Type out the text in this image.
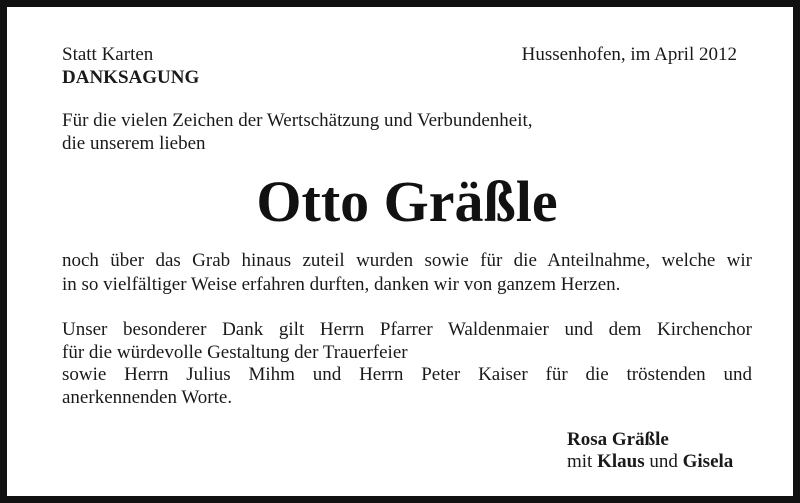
Statt Karten
DANKSAGUNG
Hussenhofen, im April 2012
Für die vielen Zeichen der Wertschätzung und Verbundenheit,
die unserem lieben
Otto Gräßle
noch über das Grab hinaus zuteil wurden sowie für die Anteilnahme, welche wir
in so vielfältiger Weise erfahren durften, danken wir von ganzem Herzen.
Unser besonderer Dank gilt Herrn Pfarrer Waldenmaier und dem Kirchenchor
für die würdevolle Gestaltung der Trauerfeier
sowie Herrn Julius Mihm und Herrn Peter Kaiser für die tröstenden und
anerkennenden Worte.
Rosa Gräßle
mit Klaus und Gisela
